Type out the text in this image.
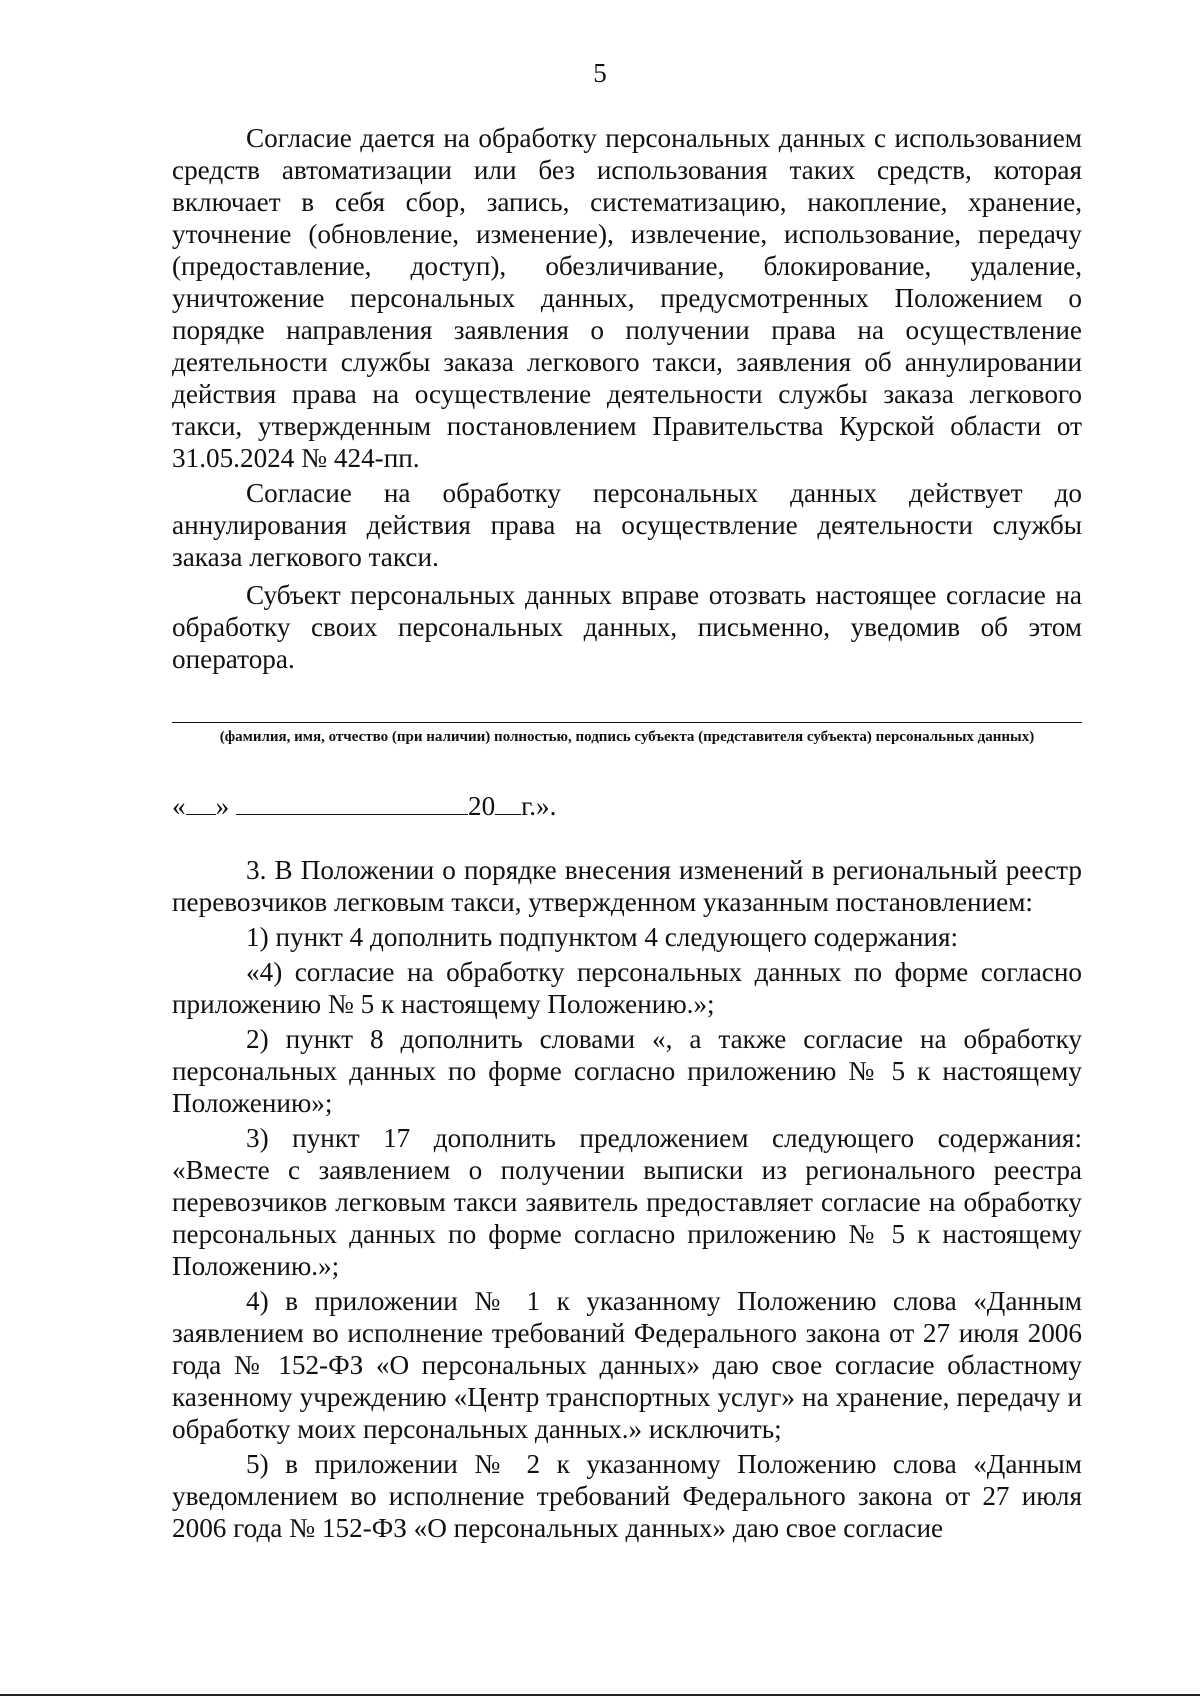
5

Согласие дается на обработку персональных данных с использованием средств автоматизации или без использования таких средств, которая включает в себя сбор, запись, систематизацию, накопление, хранение, уточнение (обновление, изменение), извлечение, использование, передачу (предоставление, доступ), обезличивание, блокирование, удаление, уничтожение персональных данных, предусмотренных Положением о порядке направления заявления о получении права на осуществление деятельности службы заказа легкового такси, заявления об аннулировании действия права на осуществление деятельности службы заказа легкового такси, утвержденным постановлением Правительства Курской области от 31.05.2024 № 424-пп.

Согласие на обработку персональных данных действует до аннулирования действия права на осуществление деятельности службы заказа легкового такси.

Субъект персональных данных вправе отозвать настоящее согласие на обработку своих персональных данных, письменно, уведомив об этом оператора.

(фамилия, имя, отчество (при наличии) полностью, подпись субъекта (представителя субъекта) персональных данных)
« »	20 г.».

3. В Положении о порядке внесения изменений в региональный реестр перевозчиков легковым такси, утвержденном указанным постановлением:

1) пункт 4 дополнить подпунктом 4 следующего содержания:

«4) согласие на обработку персональных данных по форме согласно приложению № 5 к настоящему Положению.»;

2) пункт 8 дополнить словами «, а также согласие на обработку персональных данных по форме согласно приложению № 5 к настоящему Положению»;

3) пункт 17 дополнить предложением следующего содержания: «Вместе с заявлением о получении выписки из регионального реестра перевозчиков легковым такси заявитель предоставляет согласие на обработку персональных данных по форме согласно приложению № 5 к настоящему Положению.»;

4) в приложении № 1 к указанному Положению слова «Данным заявлением во исполнение требований Федерального закона от 27 июля 2006 года № 152-ФЗ «О персональных данных» даю свое согласие областному казенному учреждению «Центр транспортных услуг» на хранение, передачу и обработку моих персональных данных.» исключить;

5) в приложении № 2 к указанному Положению слова «Данным уведомлением во исполнение требований Федерального закона от 27 июля 2006 года № 152-ФЗ «О персональных данных» даю свое согласие
